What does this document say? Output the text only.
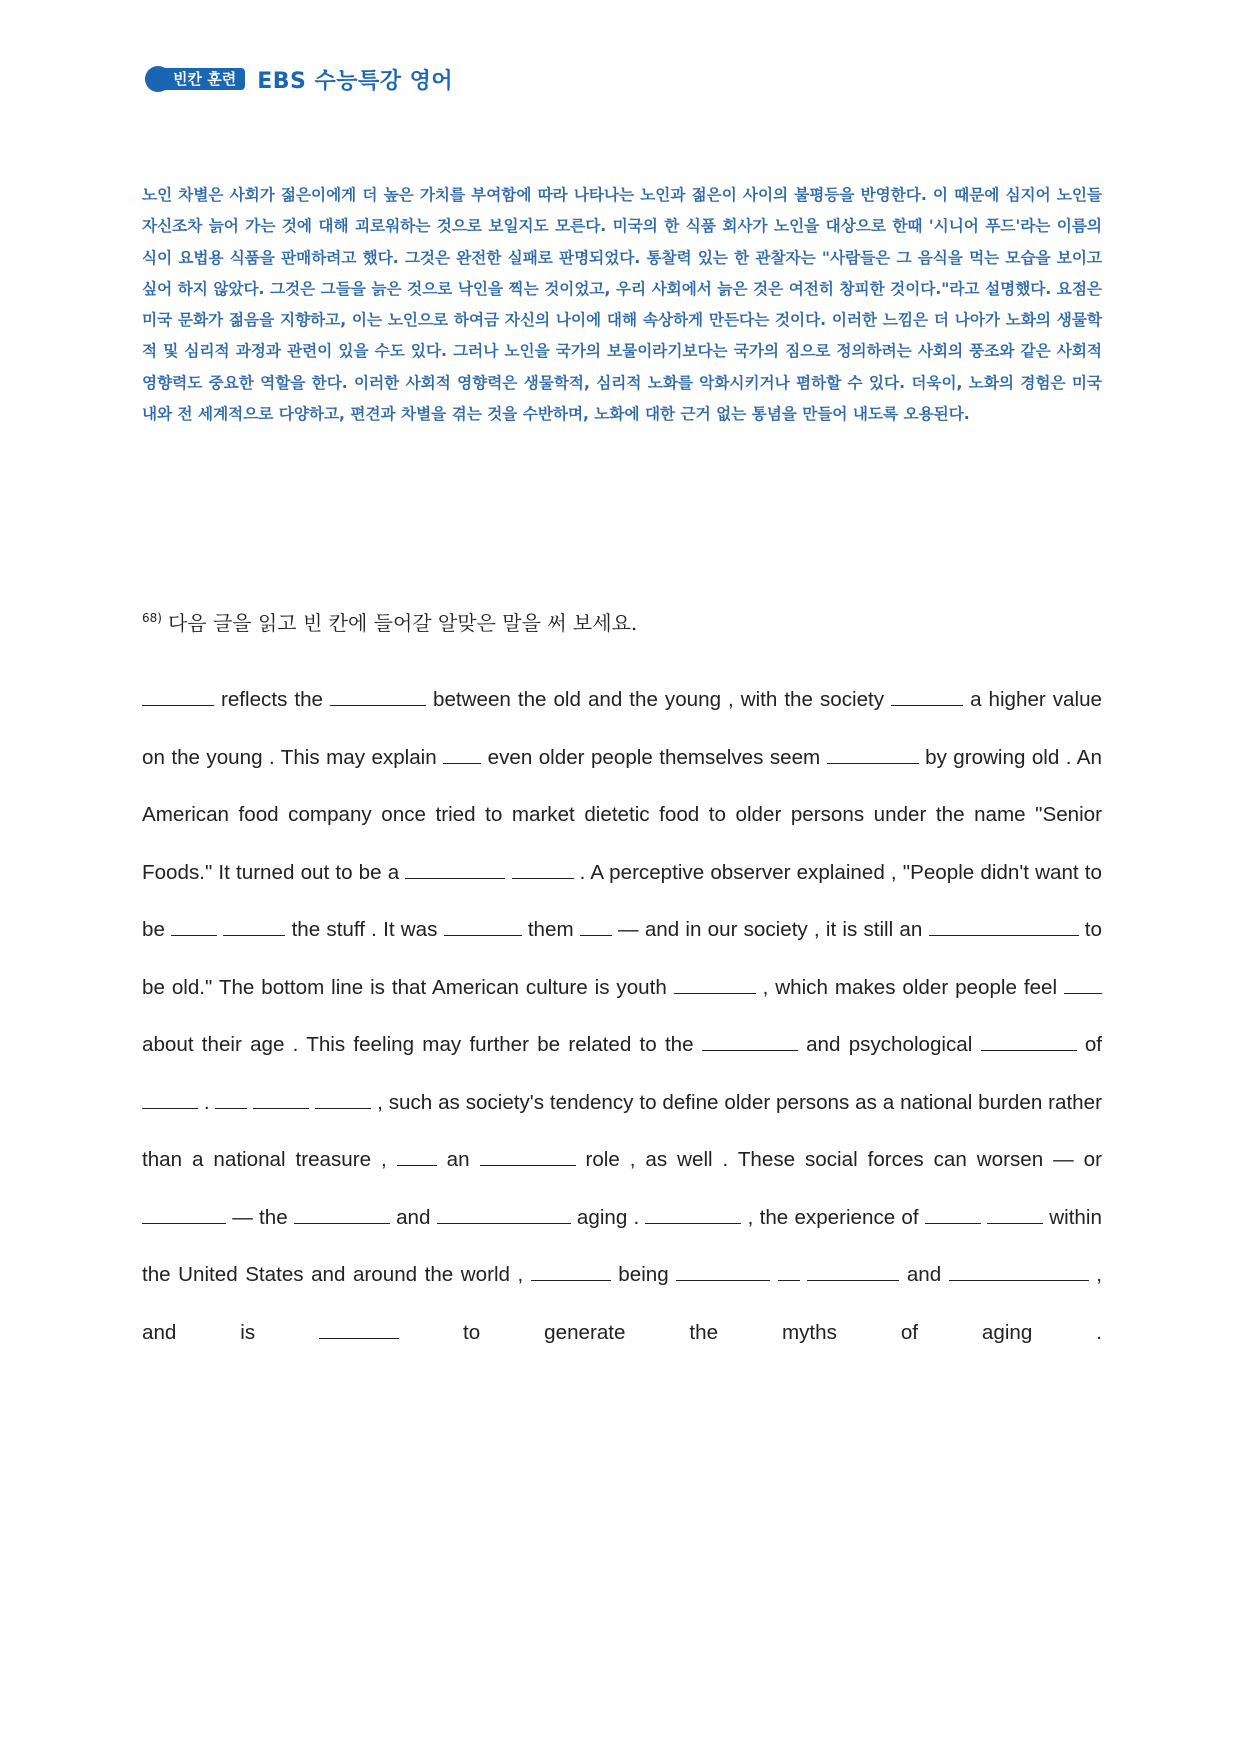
빈칸 훈련 EBS 수능특강 영어

노인 차별은 사회가 젊은이에게 더 높은 가치를 부여함에 따라 나타나는 노인과 젊은이 사이의 불평등을 반영한다. 이 때문에 심지어 노인들 자신조차 늙어 가는 것에 대해 괴로워하는 것으로 보일지도 모른다. 미국의 한 식품 회사가 노인을 대상으로 한때 '시니어 푸드'라는 이름의 식이 요법용 식품을 판매하려고 했다. 그것은 완전한 실패로 판명되었다. 통찰력 있는 한 관찰자는 "사람들은 그 음식을 먹는 모습을 보이고 싶어 하지 않았다. 그것은 그들을 늙은 것으로 낙인을 찍는 것이었고, 우리 사회에서 늙은 것은 여전히 창피한 것이다."라고 설명했다. 요점은 미국 문화가 젊음을 지향하고, 이는 노인으로 하여금 자신의 나이에 대해 속상하게 만든다는 것이다. 이러한 느낌은 더 나아가 노화의 생물학적 및 심리적 과정과 관련이 있을 수도 있다. 그러나 노인을 국가의 보물이라기보다는 국가의 짐으로 정의하려는 사회의 풍조와 같은 사회적 영향력도 중요한 역할을 한다. 이러한 사회적 영향력은 생물학적, 심리적 노화를 악화시키거나 폄하할 수 있다. 더욱이, 노화의 경험은 미국 내와 전 세계적으로 다양하고, 편견과 차별을 겪는 것을 수반하며, 노화에 대한 근거 없는 통념을 만들어 내도록 오용된다.

$^{68)}$ 다음 글을 읽고 빈 칸에 들어갈 알맞은 말을 써 보세요.

reflects the	between the old and the young , with the society	a higher value on the young . This may explain even older people themselves seem	by growing old . An American food company once tried to market dietetic food to older persons under the name "Senior Foods." It turned out to be a	. A perceptive observer explained , "People didn't want to be	the stuff . It was	them — and in our society , it is still an	to be old." The bottom line is that American culture is youth	, which makes older people feel  about their age . This feeling may further be related to the	and psychological	of  .	, such as society's tendency to define older persons as a national burden rather than a national treasure ,	an	role , as well . These social forces can worsen — or  — the	and	aging .	, the experience of	within the United States and around the world ,	being	and	, and is	to generate the myths of aging .
